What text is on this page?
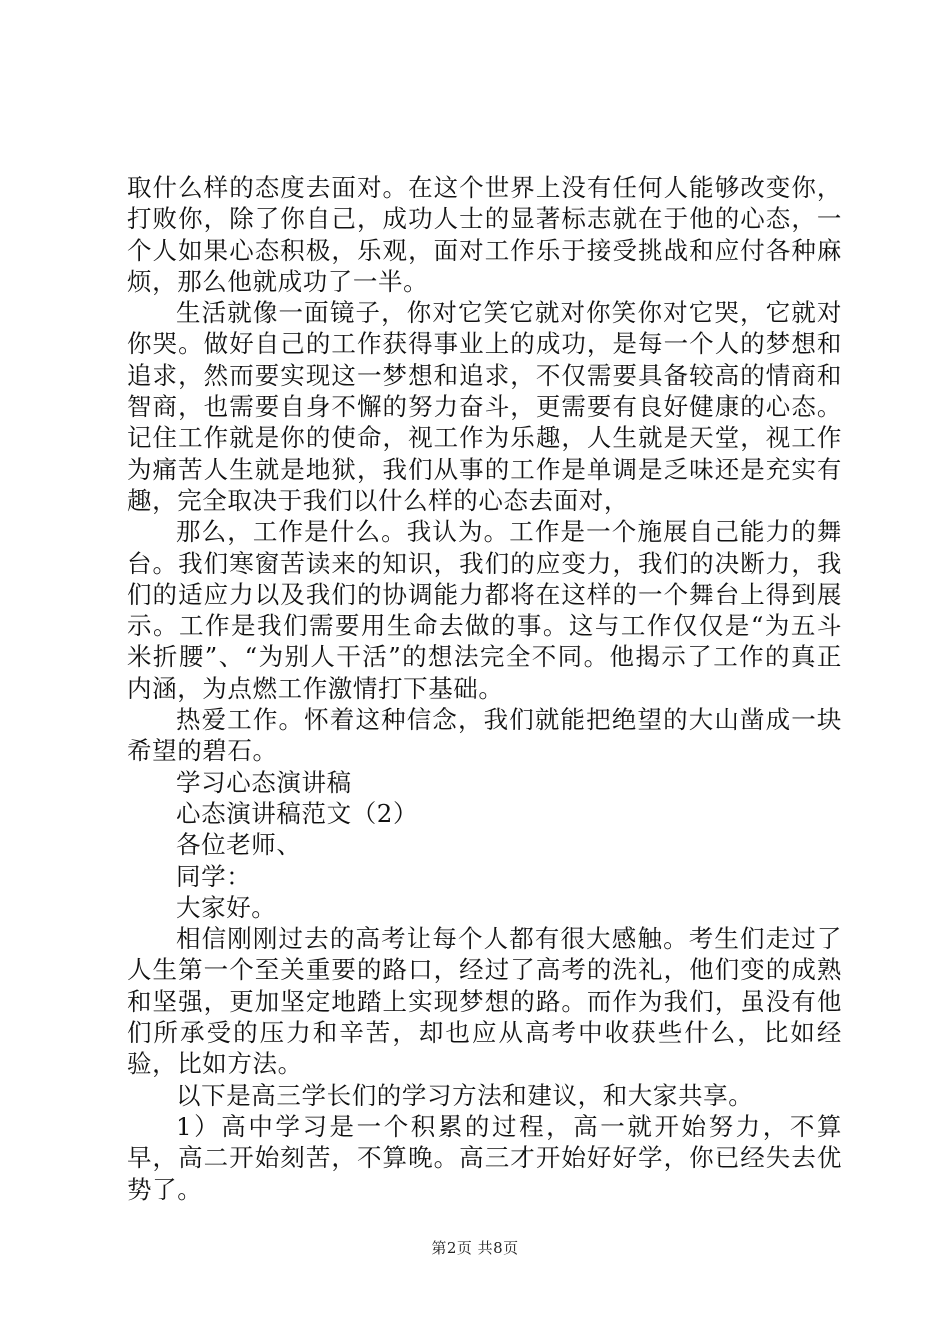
取什么样的态度去面对。在这个世界上没有任何人能够改变你，打败你，除了你自己，成功人士的显著标志就在于他的心态，一个人如果心态积极，乐观，面对工作乐于接受挑战和应付各种麻烦，那么他就成功了一半。

生活就像一面镜子，你对它笑它就对你笑你对它哭，它就对你哭。做好自己的工作获得事业上的成功，是每一个人的梦想和追求，然而要实现这一梦想和追求，不仅需要具备较高的情商和智商，也需要自身不懈的努力奋斗，更需要有良好健康的心态。记住工作就是你的使命，视工作为乐趣，人生就是天堂，视工作为痛苦人生就是地狱，我们从事的工作是单调是乏味还是充实有趣，完全取决于我们以什么样的心态去面对，

那么，工作是什么。我认为。工作是一个施展自己能力的舞台。我们寒窗苦读来的知识，我们的应变力，我们的决断力，我们的适应力以及我们的协调能力都将在这样的一个舞台上得到展示。工作是我们需要用生命去做的事。这与工作仅仅是“为五斗米折腰”、“为别人干活”的想法完全不同。他揭示了工作的真正内涵，为点燃工作激情打下基础。

热爱工作。怀着这种信念，我们就能把绝望的大山凿成一块希望的碧石。

学习心态演讲稿

心态演讲稿范文（2）

各位老师、

同学：

大家好。

相信刚刚过去的高考让每个人都有很大感触。考生们走过了人生第一个至关重要的路口，经过了高考的洗礼，他们变的成熟和坚强，更加坚定地踏上实现梦想的路。而作为我们，虽没有他们所承受的压力和辛苦，却也应从高考中收获些什么，比如经验，比如方法。

以下是高三学长们的学习方法和建议，和大家共享。

1）高中学习是一个积累的过程，高一就开始努力，不算早，高二开始刻苦，不算晚。高三才开始好好学，你已经失去优势了。

第2页 共8页
